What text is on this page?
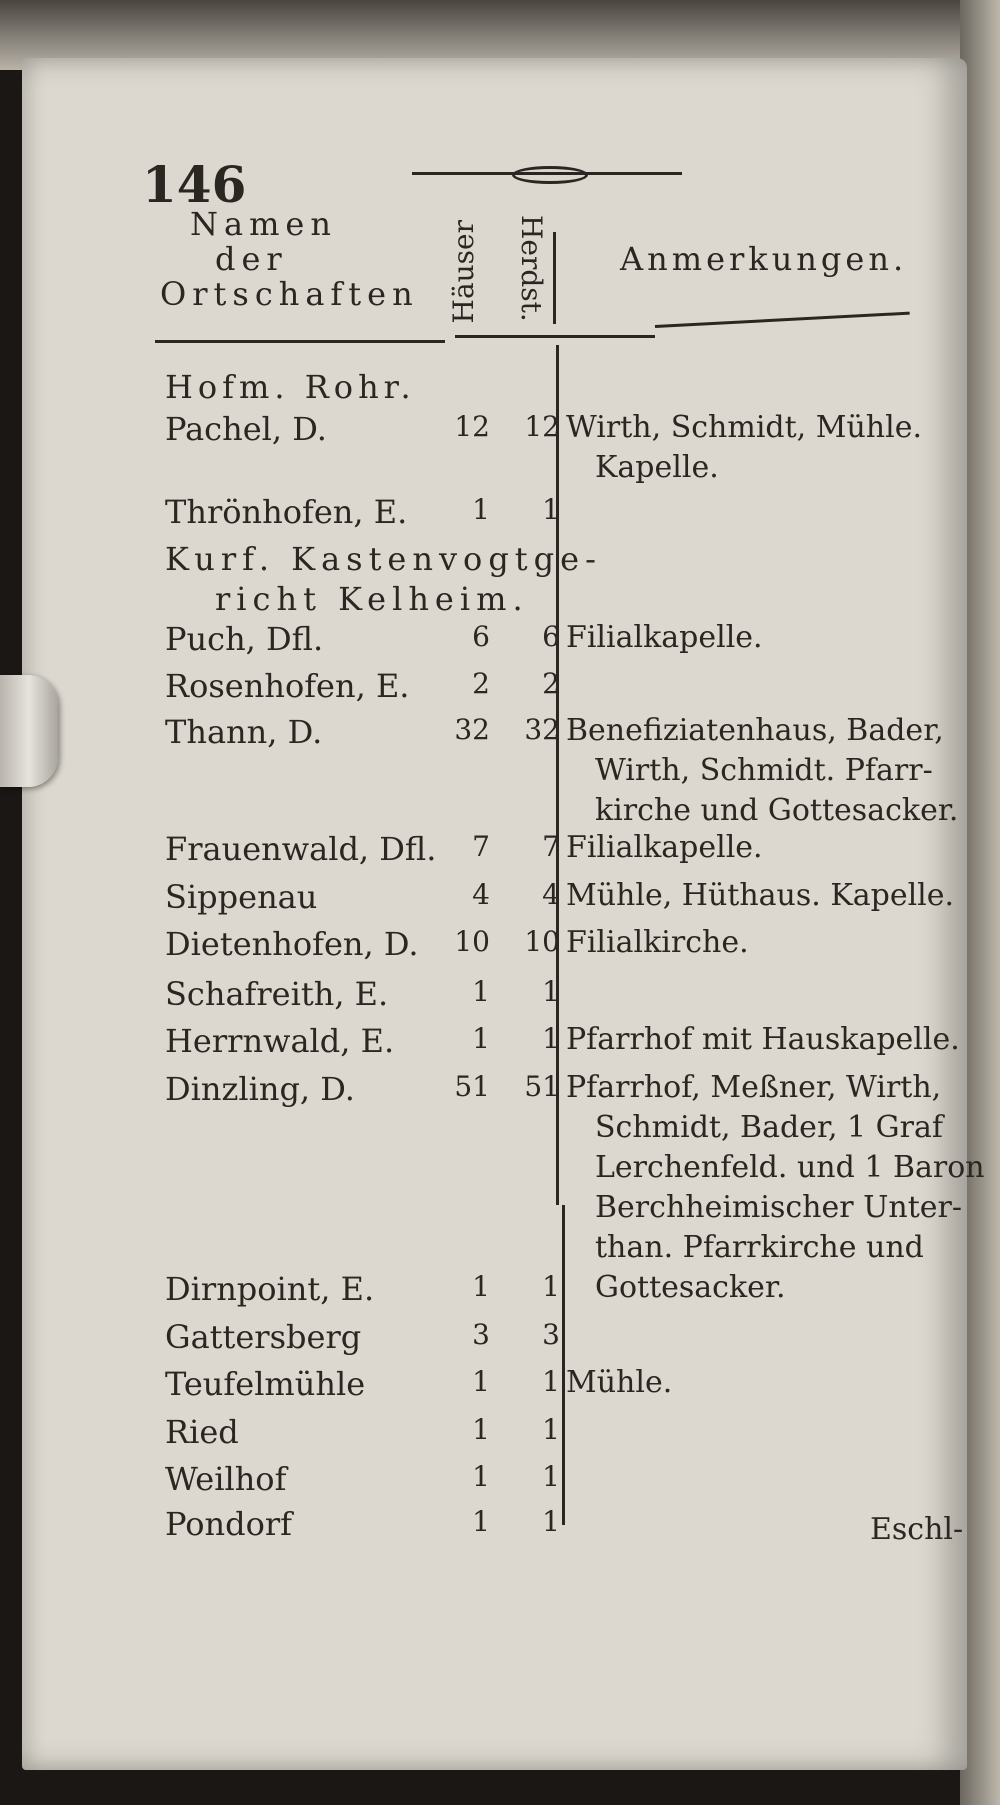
146
Namen
der
Ortschaften Häuser Herdst. Anmerkungen.
Hofm. Rohr.
Pachel, D.	12 12 Wirth, Schmidt, Mühle.
Kapelle.
Thrönhofen, E.	1	1
Kurf. Kastenvogtge-
richt Kelheim.
Puch, Dfl.	6	6 Filialkapelle.
Rosenhofen, E.	2	2
Thann, D.	32 32 Benefiziatenhaus, Bader,
Wirth, Schmidt. Pfarr-
kirche und Gottesacker.
Frauenwald, Dfl.	7	7 Filialkapelle.
Sippenau	4	4 Mühle, Hüthaus. Kapelle.
Dietenhofen, D.	10 10 Filialkirche.
Schafreith, E.	1	1
Herrnwald, E.	1	1 Pfarrhof mit Hauskapelle.
Dinzling, D.	51 51 Pfarrhof, Meßner, Wirth,
Schmidt, Bader, 1 Graf
Lerchenfeld. und 1 Baron
Berchheimischer Unter-
than. Pfarrkirche und
Gottesacker.
Dirnpoint, E.	1	1
Gattersberg	3	3
Teufelmühle	1	1 Mühle.
Ried	1	1
Weilhof	1	1
Pondorf	1	1	Eschl-
